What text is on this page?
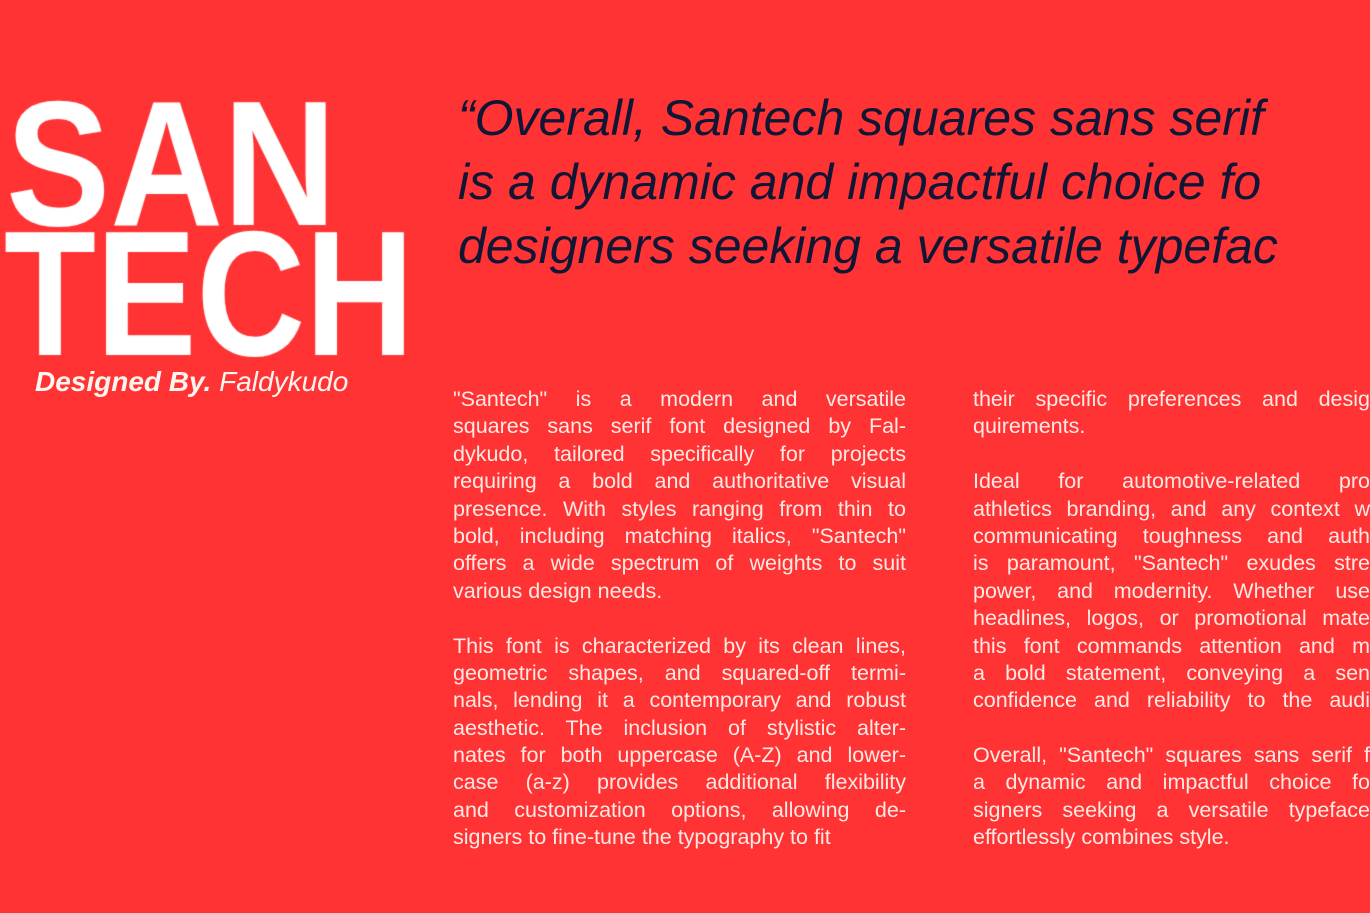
Designed By. Faldykudo
“Overall, Santech squares sans serif
is a dynamic and impactful choice fo
designers seeking a versatile typefac
"Santech" is a modern and versatile
squares sans serif font designed by Fal-
dykudo, tailored specifically for projects
requiring a bold and authoritative visual
presence. With styles ranging from thin to
bold, including matching italics, "Santech"
offers a wide spectrum of weights to suit
various design needs.
This font is characterized by its clean lines,
geometric shapes, and squared-off termi-
nals, lending it a contemporary and robust
aesthetic. The inclusion of stylistic alter-
nates for both uppercase (A-Z) and lower-
case (a-z) provides additional flexibility
and customization options, allowing de-
signers to fine-tune the typography to fit
their specific preferences and desig
quirements.
Ideal for automotive-related pro
athletics branding, and any context w
communicating toughness and auth
is paramount, "Santech" exudes stre
power, and modernity. Whether use
headlines, logos, or promotional mate
this font commands attention and m
a bold statement, conveying a sen
confidence and reliability to the audi
Overall, "Santech" squares sans serif f
a dynamic and impactful choice fo
signers seeking a versatile typeface
effortlessly combines style.
